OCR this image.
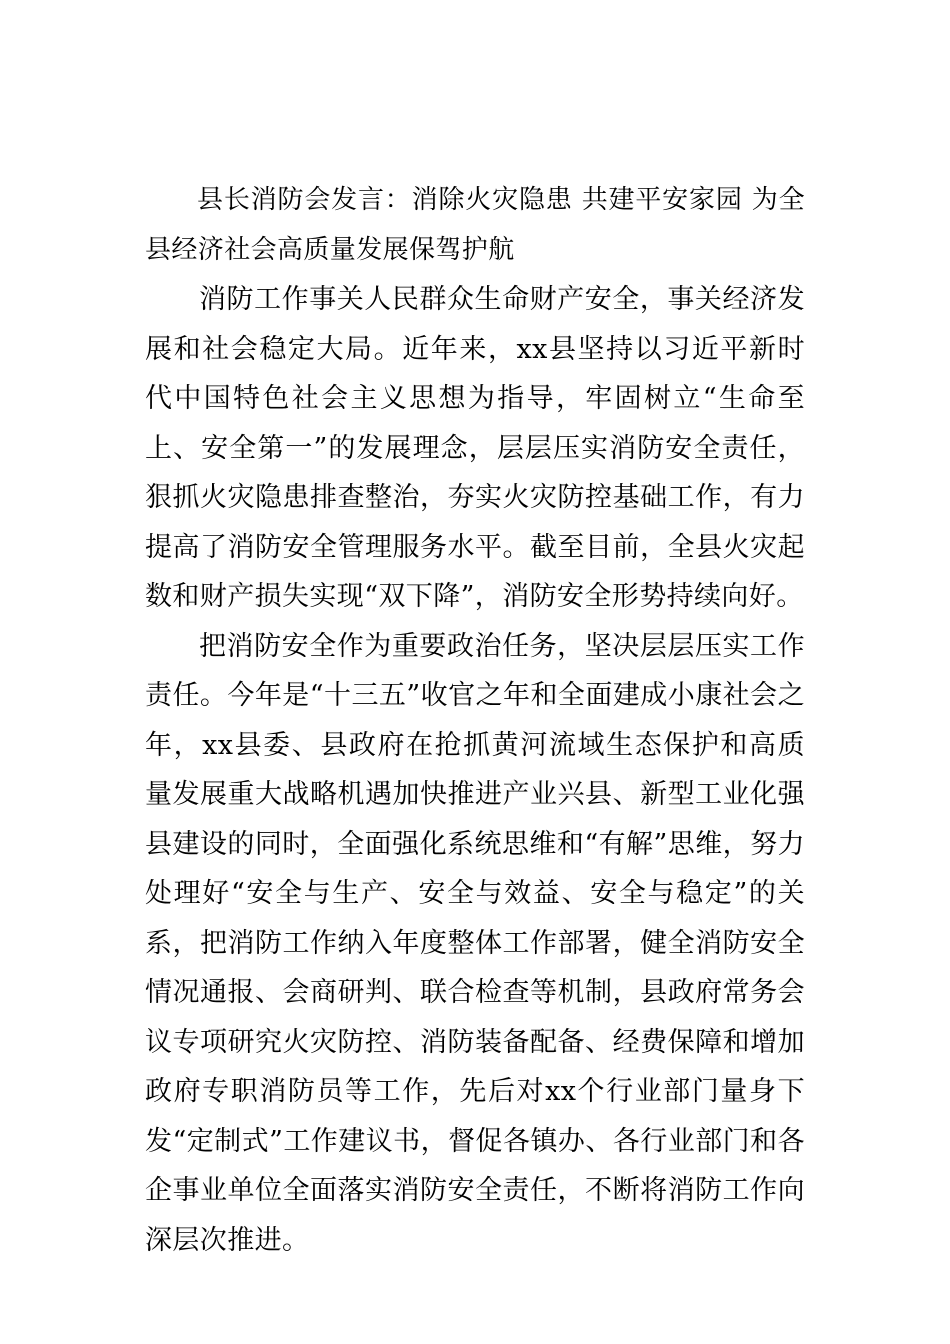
县长消防会发言：消除火灾隐患 共建平安家园 为全县经济社会高质量发展保驾护航

消防工作事关人民群众生命财产安全，事关经济发展和社会稳定大局。近年来，xx县坚持以习近平新时代中国特色社会主义思想为指导，牢固树立“生命至上、安全第一”的发展理念，层层压实消防安全责任，狠抓火灾隐患排查整治，夯实火灾防控基础工作，有力提高了消防安全管理服务水平。截至目前，全县火灾起数和财产损失实现“双下降”，消防安全形势持续向好。

把消防安全作为重要政治任务，坚决层层压实工作责任。今年是“十三五”收官之年和全面建成小康社会之年，xx县委、县政府在抢抓黄河流域生态保护和高质量发展重大战略机遇加快推进产业兴县、新型工业化强县建设的同时，全面强化系统思维和“有解”思维，努力处理好“安全与生产、安全与效益、安全与稳定”的关系，把消防工作纳入年度整体工作部署，健全消防安全情况通报、会商研判、联合检查等机制，县政府常务会议专项研究火灾防控、消防装备配备、经费保障和增加政府专职消防员等工作，先后对xx个行业部门量身下发“定制式”工作建议书，督促各镇办、各行业部门和各企事业单位全面落实消防安全责任，不断将消防工作向深层次推进。
